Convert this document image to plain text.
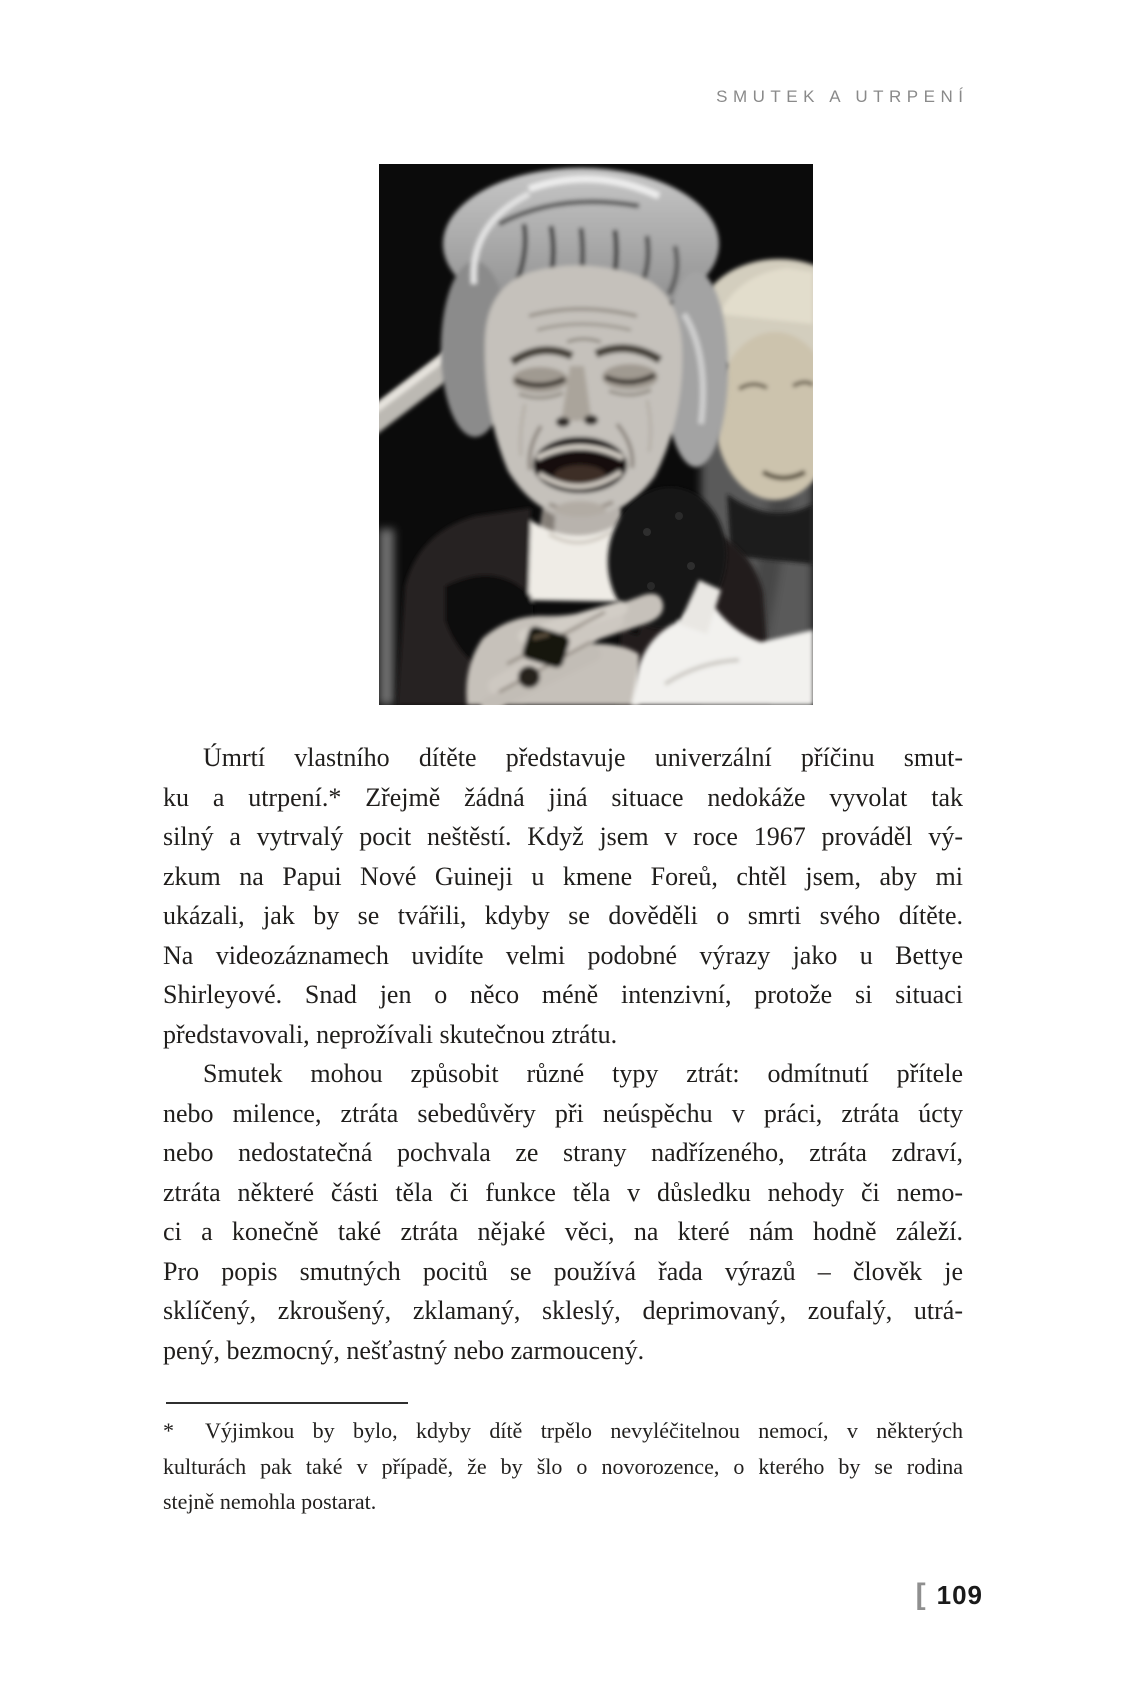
SMUTEK A UTRPENÍ
Úmrtí vlastního dítěte představuje univerzální příčinu smut-
ku a utrpení.* Zřejmě žádná jiná situace nedokáže vyvolat tak
silný a vytrvalý pocit neštěstí. Když jsem v roce 1967 prováděl vý-
zkum na Papui Nové Guineji u kmene Foreů, chtěl jsem, aby mi
ukázali, jak by se tvářili, kdyby se dověděli o smrti svého dítěte.
Na videozáznamech uvidíte velmi podobné výrazy jako u Bettye
Shirleyové. Snad jen o něco méně intenzivní, protože si situaci
představovali, neprožívali skutečnou ztrátu.
Smutek mohou způsobit různé typy ztrát: odmítnutí přítele
nebo milence, ztráta sebedůvěry při neúspěchu v práci, ztráta úcty
nebo nedostatečná pochvala ze strany nadřízeného, ztráta zdraví,
ztráta některé části těla či funkce těla v důsledku nehody či nemo-
ci a konečně také ztráta nějaké věci, na které nám hodně záleží.
Pro popis smutných pocitů se používá řada výrazů – člověk je
sklíčený, zkroušený, zklamaný, skleslý, deprimovaný, zoufalý, utrá-
pený, bezmocný, nešťastný nebo zarmoucený.
* Výjimkou by bylo, kdyby dítě trpělo nevyléčitelnou nemocí, v některých
kulturách pak také v případě, že by šlo o novorozence, o kterého by se rodina
stejně nemohla postarat.
[ 109
